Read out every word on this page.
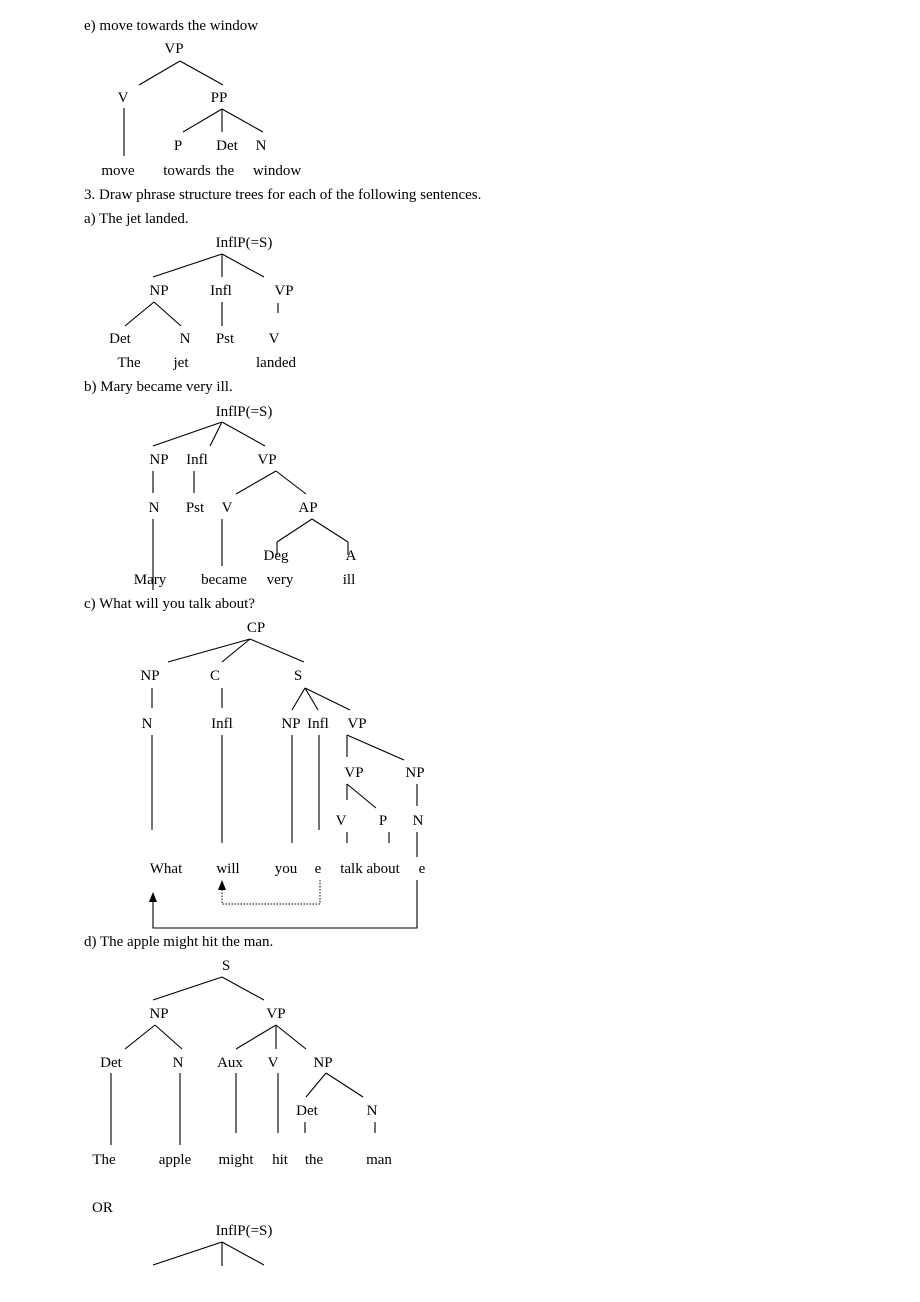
e) move towards the window
VP
V	PP
P Det N
move towards the window
3. Draw phrase structure trees for each of the following sentences.
a) The jet landed.
InflP(=S)
NP	Infl	VP
Det	N Pst V
The jet	landed
b) Mary became very ill.
InflP(=S)
NP Infl	VP
N Pst V	AP
Deg	A
Mary became very	ill
c) What will you talk about?
CP
NP	C	S
N	Infl	NP Infl VP
VP	NP
V P N
What will you e talk about e
d) The apple might hit the man.
S
NP	VP
Det	N Aux V NP
Det	N
The	apple might hit the	man
OR
InflP(=S)
